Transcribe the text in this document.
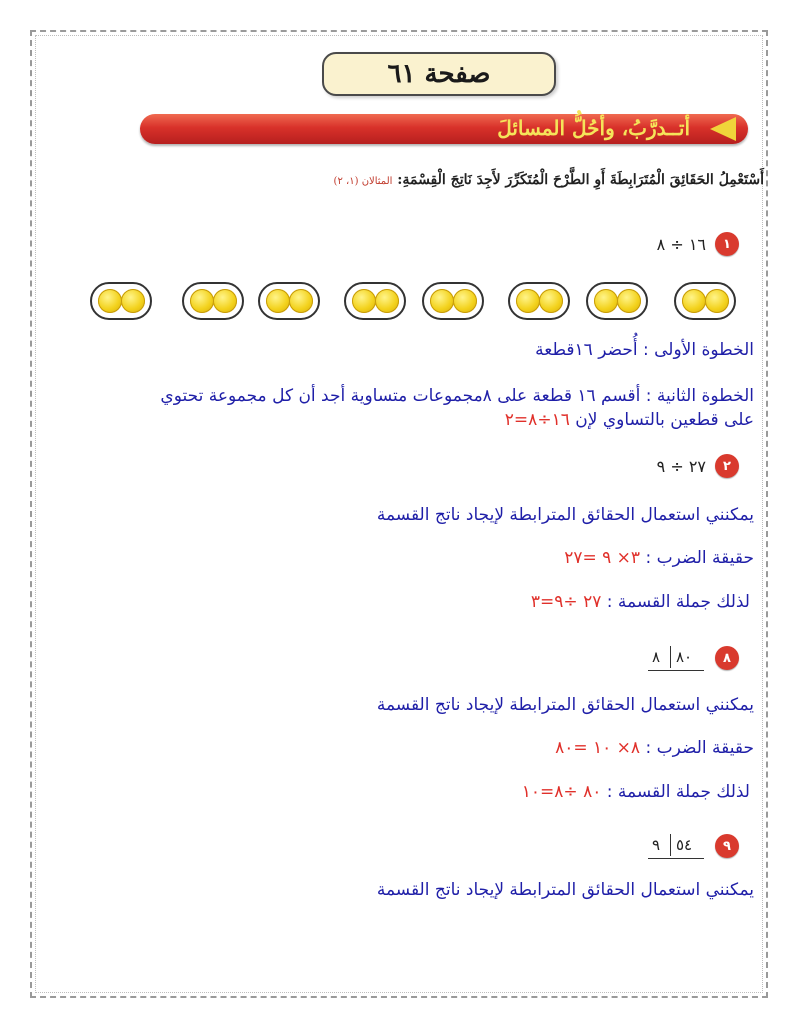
صفحة ٦١
أتــدرَّبُ، وأحُلُّ المسائلَ
أَسْتَعْمِلُ الحَقَائِقَ الْمُتَرَابِطَةَ أَوِ الطَّرْحَ الْمُتَكَرِّرَ لأَجِدَ نَاتِجَ الْقِسْمَةِ: المثالان (١، ٢)
١
١٦ ÷ ٨
الخطوة الأولى : أُحضر ١٦قطعة
الخطوة الثانية : أقسم ١٦ قطعة على ٨مجموعات متساوية أجد أن كل مجموعة تحتوي
على قطعين بالتساوي لإن ١٦÷٨=٢
٢
٢٧ ÷ ٩
يمكنني استعمال الحقائق المترابطة لإيجاد ناتج القسمة
حقيقة الضرب : ٣× ٩ =٢٧
لذلك جملة القسمة : ٢٧ ÷٩=٣
٨
٨ ٨٠
يمكنني استعمال الحقائق المترابطة لإيجاد ناتج القسمة
حقيقة الضرب : ٨× ١٠ =٨٠
لذلك جملة القسمة : ٨٠ ÷٨=١٠
٩
٩ ٥٤
يمكنني استعمال الحقائق المترابطة لإيجاد ناتج القسمة
